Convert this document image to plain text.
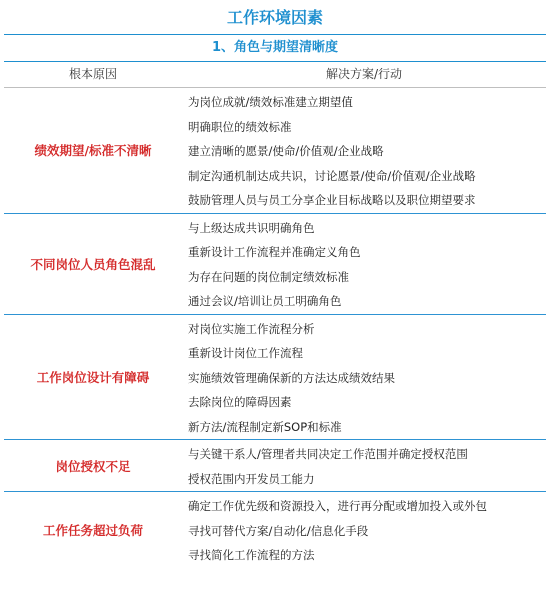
工作环境因素
1、角色与期望清晰度
根本原因	解决方案/行动
绩效期望/标准不清晰
为岗位成就/绩效标准建立期望值
明确职位的绩效标准
建立清晰的愿景/使命/价值观/企业战略
制定沟通机制达成共识，讨论愿景/使命/价值观/企业战略
鼓励管理人员与员工分享企业目标战略以及职位期望要求
不同岗位人员角色混乱
与上级达成共识明确角色
重新设计工作流程并准确定义角色
为存在问题的岗位制定绩效标准
通过会议/培训让员工明确角色
工作岗位设计有障碍
对岗位实施工作流程分析
重新设计岗位工作流程
实施绩效管理确保新的方法达成绩效结果
去除岗位的障碍因素
新方法/流程制定新SOP和标准
岗位授权不足
与关键干系人/管理者共同决定工作范围并确定授权范围
授权范围内开发员工能力
工作任务超过负荷
确定工作优先级和资源投入，进行再分配或增加投入或外包
寻找可替代方案/自动化/信息化手段
寻找简化工作流程的方法
